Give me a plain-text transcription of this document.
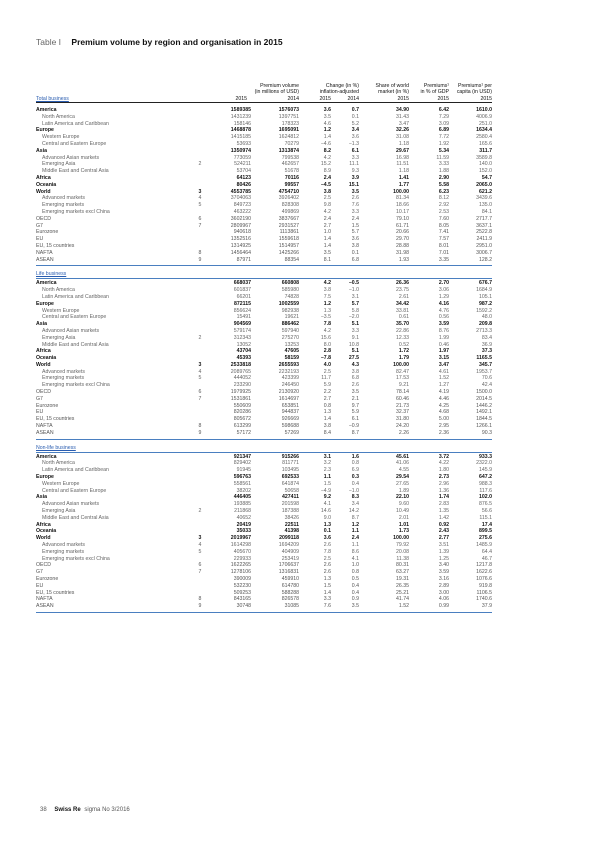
Table I Premium volume by region and organisation in 2015
Total business
Premium volume
(in millions of USD)
2015	2014
Change (in %)
inflation-adjusted
2015	2014
Share of world
market (in %)
2015
Premiums¹
in % of GDP
2015
Premiums¹ per
capita (in USD)
2015
America	1589385	1576073	3.6	0.7	34.90	6.42	1610.0
North America	1431239	1397751	3.5	0.1	31.43	7.29	4006.9
Latin America and Caribbean	158146	178323	4.6	5.2	3.47	3.09	251.0
Europe	1468878	1695091	1.2	3.4	32.26	6.89	1634.4
Western Europe	1415185	1624812	1.4	3.6	31.08	7.72	2580.4
Central and Eastern Europe	53693	70279	−4.6	−1.3	1.18	1.92	165.6
Asia	1350974	1313874	8.2	6.1	29.67	5.34	311.7
Advanced Asian markets	773059	799538	4.2	3.3	16.98	11.59	3589.8
Emerging Asia	2	524211	462657	15.2	11.1	11.51	3.33	140.0
Middle East and Central Asia	53704	51678	8.9	9.3	1.18	1.88	152.0
Africa	64123	70116	2.4	3.9	1.41	2.90	54.7
Oceania	80426	99557	−4.5	15.1	1.77	5.58	2065.0
World	3	4553785	4754710	3.8	3.5	100.00	6.23	621.2
Advanced markets	4	3704063	3926402	2.5	2.6	81.34	8.12	3439.6
Emerging markets	5	849723	828308	9.8	7.6	18.66	2.92	135.0
Emerging markets excl China	463222	499869	4.2	3.3	10.17	2.53	84.1
OECD	6	3602190	3837667	2.4	2.4	79.10	7.60	2717.7
G7	7	2809967	2931527	2.7	1.5	61.71	8.05	3637.1
Eurozone	940618	1113861	1.0	5.7	20.66	7.41	2522.8
EU	1352516	1559618	1.4	3.6	29.70	7.57	2411.9
EU, 15 countries	1314925	1514957	1.4	3.8	28.88	8.01	2951.0
NAFTA	8	1456464	1425266	3.5	0.1	31.98	7.01	3006.7
ASEAN	9	87971	88354	8.1	6.8	1.93	3.35	128.2
Life business
America	668037	660808	4.2	−0.5	26.36	2.70	676.7
North America	601837	585980	3.8	−1.0	23.75	3.06	1684.9
Latin America and Caribbean	66201	74828	7.5	3.1	2.61	1.29	105.1
Europe	872115	1002559	1.2	5.7	34.42	4.16	987.2
Western Europe	856624	982938	1.3	5.8	33.81	4.76	1592.2
Central and Eastern Europe	15491	19621	−3.5	−2.0	0.61	0.56	48.0
Asia	904569	886462	7.8	5.1	35.70	3.59	209.8
Advanced Asian markets	579174	597940	4.2	3.3	22.86	8.76	2713.3
Emerging Asia	2	312343	275270	15.6	9.1	12.33	1.99	83.4
Middle East and Central Asia	13052	13253	8.0	10.8	0.52	0.46	36.9
Africa	43704	47605	2.8	5.1	1.72	1.97	37.3
Oceania	45393	58159	−7.8	27.5	1.79	3.15	1165.5
World	3	2533818	2655593	4.0	4.3	100.00	3.47	345.7
Advanced markets	4	2089765	2232193	2.5	3.8	82.47	4.61	1953.7
Emerging markets	5	444052	423399	11.7	6.8	17.53	1.52	70.6
Emerging markets excl China	233290	246450	5.9	2.6	9.21	1.27	42.4
OECD	6	1979925	2130920	2.2	3.5	78.14	4.19	1500.0
G7	7	1531861	1614697	2.7	2.1	60.46	4.46	2014.5
Eurozone	550609	653851	0.8	9.7	21.73	4.25	1446.2
EU	820286	944837	1.3	5.9	32.37	4.68	1492.1
EU, 15 countries	805672	926669	1.4	6.1	31.80	5.00	1844.5
NAFTA	8	613299	598688	3.8	−0.9	24.20	2.95	1266.1
ASEAN	9	57172	57269	8.4	8.7	2.26	2.36	90.3
Non-life business
America	921347	915266	3.1	1.6	45.61	3.72	933.3
North America	829402	811771	3.2	0.8	41.06	4.22	2322.0
Latin America and Caribbean	91945	103495	2.3	6.9	4.55	1.80	145.9
Europe	596763	692533	1.1	0.3	29.54	2.73	647.2
Western Europe	558561	641874	1.5	0.4	27.65	2.96	988.3
Central and Eastern Europe	38202	50658	−4.9	−1.0	1.89	1.36	117.6
Asia	446405	427411	9.2	8.3	22.10	1.74	102.0
Advanced Asian markets	193885	201598	4.1	3.4	9.60	2.83	876.5
Emerging Asia	2	211868	187388	14.6	14.2	10.49	1.35	56.6
Middle East and Central Asia	40652	38426	9.0	8.7	2.01	1.42	115.1
Africa	20419	22511	1.3	1.2	1.01	0.92	17.4
Oceania	35033	41398	0.1	1.1	1.73	2.43	899.5
World	3	2019967	2099118	3.6	2.4	100.00	2.77	275.6
Advanced markets	4	1614298	1694209	2.6	1.1	79.92	3.51	1485.9
Emerging markets	5	405670	404909	7.8	8.6	20.08	1.39	64.4
Emerging markets excl China	229933	253419	2.5	4.1	11.38	1.25	46.7
OECD	6	1622265	1706637	2.6	1.0	80.31	3.40	1217.8
G7	7	1278106	1316831	2.6	0.8	63.27	3.59	1622.6
Eurozone	390009	459910	1.3	0.5	19.31	3.16	1076.6
EU	532230	614780	1.5	0.4	26.35	2.89	919.8
EU, 15 countries	509253	588288	1.4	0.4	25.21	3.00	1106.5
NAFTA	8	843165	826578	3.3	0.9	41.74	4.06	1740.6
ASEAN	9	30748	31085	7.6	3.5	1.52	0.99	37.9
38 Swiss Re sigma No 3/2016
